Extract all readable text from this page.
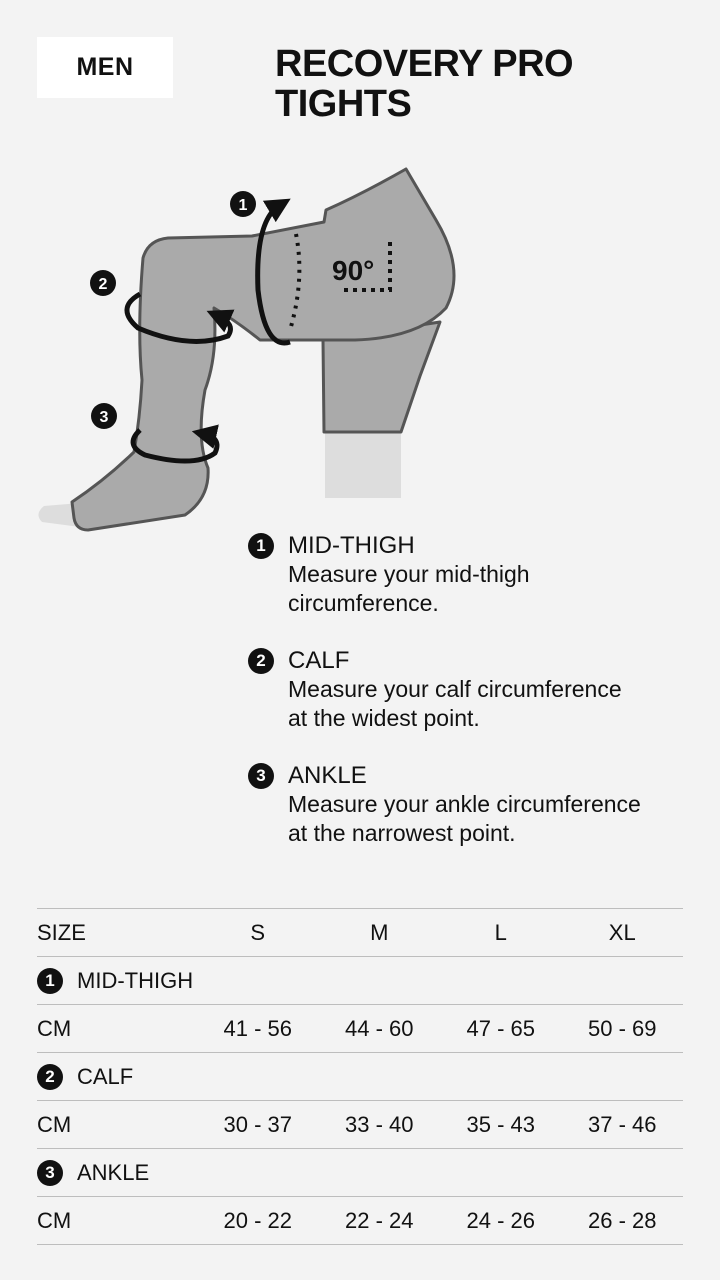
MEN	RECOVERY PRO
TIGHTS
90°
1
2
3
1 MID-THIGH
Measure your mid-thigh
circumference.
2 CALF
Measure your calf circumference
at the widest point.
3 ANKLE
Measure your ankle circumference
at the narrowest point.
SIZE	S	M	L	XL

1 MID-THIGH				

CM	41 - 56	44 - 60	47 - 65	50 - 69

2 CALF				

CM	30 - 37	33 - 40	35 - 43	37 - 46

3 ANKLE				

CM	20 - 22	22 - 24	24 - 26	26 - 28
